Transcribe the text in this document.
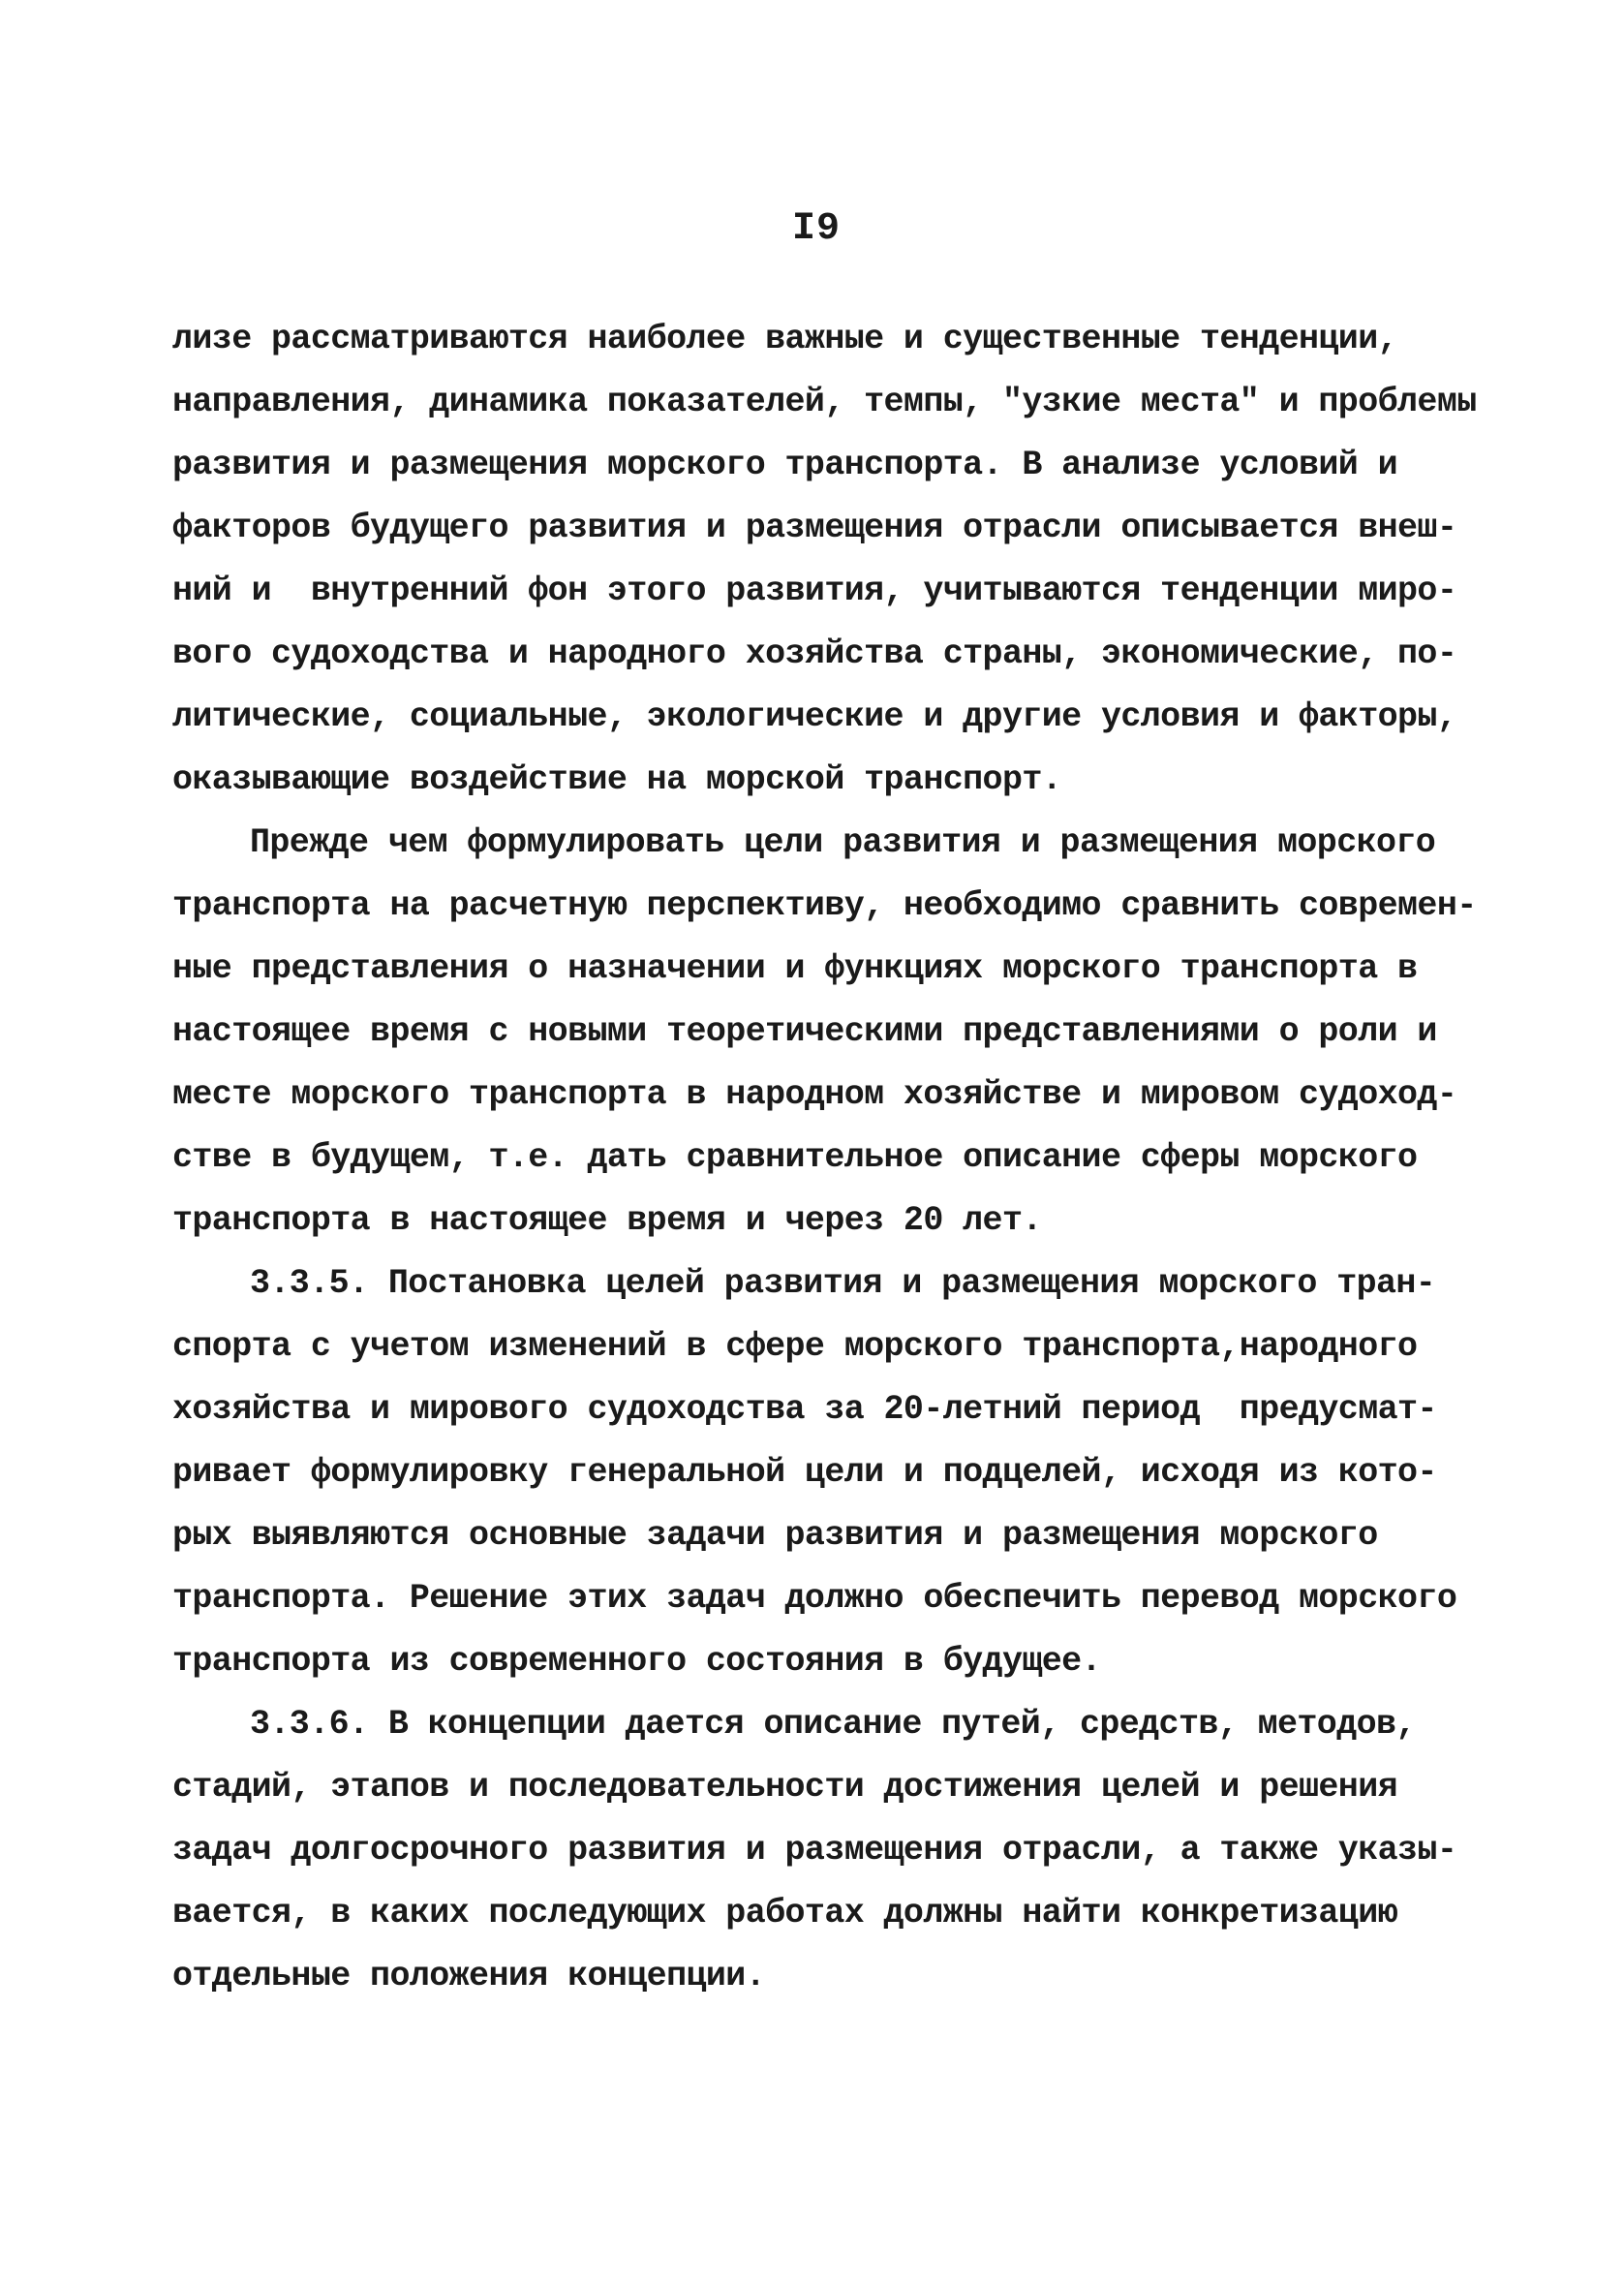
I9
лизе рассматриваются наиболее важные и существенные тенденции,
направления, динамика показателей, темпы, "узкие места" и проблемы
развития и размещения морского транспорта. В анализе условий и
факторов будущего развития и размещения отрасли описывается внеш-
ний и  внутренний фон этого развития, учитываются тенденции миро-
вого судоходства и народного хозяйства страны, экономические, по-
литические, социальные, экологические и другие условия и факторы,
оказывающие воздействие на морской транспорт.
Прежде чем формулировать цели развития и размещения морского
транспорта на расчетную перспективу, необходимо сравнить современ-
ные представления о назначении и функциях морского транспорта в
настоящее время с новыми теоретическими представлениями о роли и
месте морского транспорта в народном хозяйстве и мировом судоход-
стве в будущем, т.е. дать сравнительное описание сферы морского
транспорта в настоящее время и через 20 лет.
3.3.5. Постановка целей развития и размещения морского тран-
спорта с учетом изменений в сфере морского транспорта,народного
хозяйства и мирового судоходства за 20-летний период  предусмат-
ривает формулировку генеральной цели и подцелей, исходя из кото-
рых выявляются основные задачи развития и размещения морского
транспорта. Решение этих задач должно обеспечить перевод морского
транспорта из современного состояния в будущее.
3.3.6. В концепции дается описание путей, средств, методов,
стадий, этапов и последовательности достижения целей и решения
задач долгосрочного развития и размещения отрасли, а также указы-
вается, в каких последующих работах должны найти конкретизацию
отдельные положения концепции.
